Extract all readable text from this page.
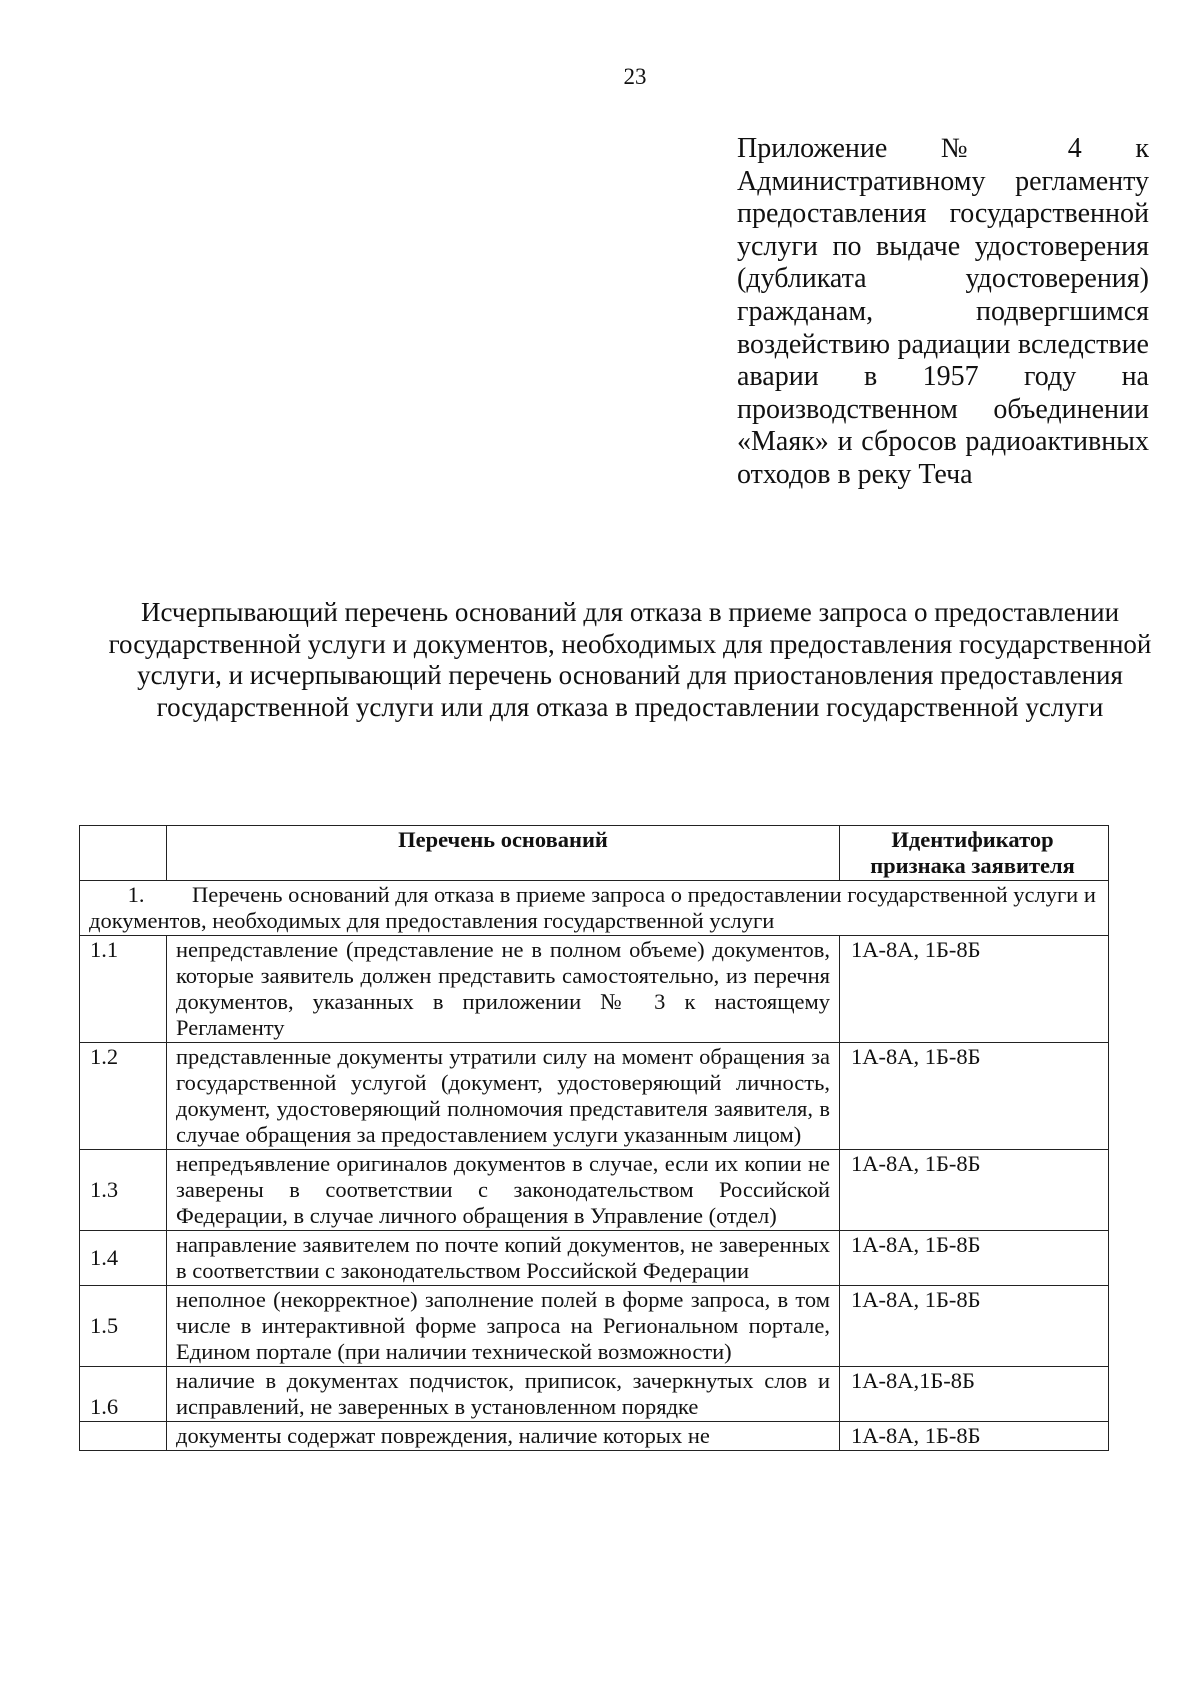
23
Приложение № 4 к Административному регламенту предоставления государственной услуги по выдаче удостоверения (дубликата удостоверения) гражданам, подвергшимся воздействию радиации вследствие аварии в 1957 году на производственном объединении «Маяк» и сбросов радиоактивных отходов в реку Теча
Исчерпывающий перечень оснований для отказа в приеме запроса о предоставлении государственной услуги и документов, необходимых для предоставления государственной услуги, и исчерпывающий перечень оснований для приостановления предоставления государственной услуги или для отказа в предоставлении государственной услуги
	Перечень оснований	Идентификатор признака заявителя
1. Перечень оснований для отказа в приеме запроса о предоставлении государственной услуги и документов, необходимых для предоставления государственной услуги		
1.1	непредставление (представление не в полном объеме) документов, которые заявитель должен представить самостоятельно, из перечня документов, указанных в приложении № 3 к настоящему Регламенту	1А-8А, 1Б-8Б
1.2	представленные документы утратили силу на момент обращения за государственной услугой (документ, удостоверяющий личность, документ, удостоверяющий полномочия представителя заявителя, в случае обращения за предоставлением услуги указанным лицом)	1А-8А, 1Б-8Б
1.3	непредъявление оригиналов документов в случае, если их копии не заверены в соответствии с законодательством Российской Федерации, в случае личного обращения в Управление (отдел)	1А-8А, 1Б-8Б
1.4	направление заявителем по почте копий документов, не заверенных в соответствии с законодательством Российской Федерации	1А-8А, 1Б-8Б
1.5	неполное (некорректное) заполнение полей в форме запроса, в том числе в интерактивной форме запроса на Региональном портале, Едином портале (при наличии технической возможности)	1А-8А, 1Б-8Б
1.6	наличие в документах подчисток, приписок, зачеркнутых слов и исправлений, не заверенных в установленном порядке	1А-8А,1Б-8Б
	документы содержат повреждения, наличие которых не	1А-8А, 1Б-8Б
